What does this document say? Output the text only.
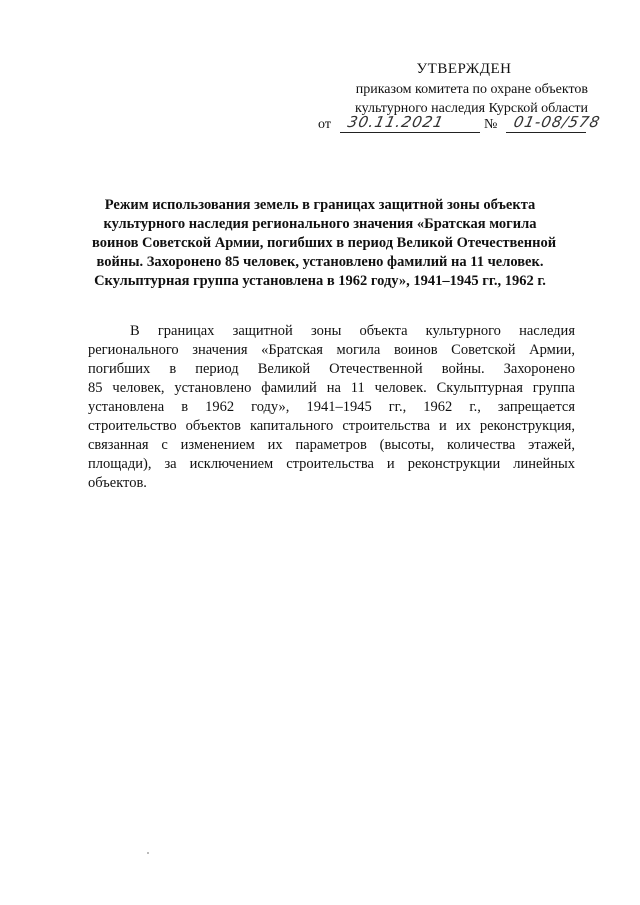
УТВЕРЖДЕН
приказом комитета по охране объектов
культурного наследия Курской области
от 30.11.2021	№ 01-08/578
Режим использования земель в границах защитной зоны объекта
культурного наследия регионального значения «Братская могила
воинов Советской Армии, погибших в период Великой Отечественной
войны. Захоронено 85 человек, установлено фамилий на 11 человек.
Скульптурная группа установлена в 1962 году», 1941–1945 гг., 1962 г.
В границах защитной зоны объекта культурного наследия
регионального значения «Братская могила воинов Советской Армии,
погибших в период Великой Отечественной войны. Захоронено
85 человек, установлено фамилий на 11 человек. Скульптурная группа
установлена в 1962 году», 1941–1945 гг., 1962 г., запрещается
строительство объектов капитального строительства и их реконструкция,
связанная с изменением их параметров (высоты, количества этажей,
площади), за исключением строительства и реконструкции линейных
объектов.
